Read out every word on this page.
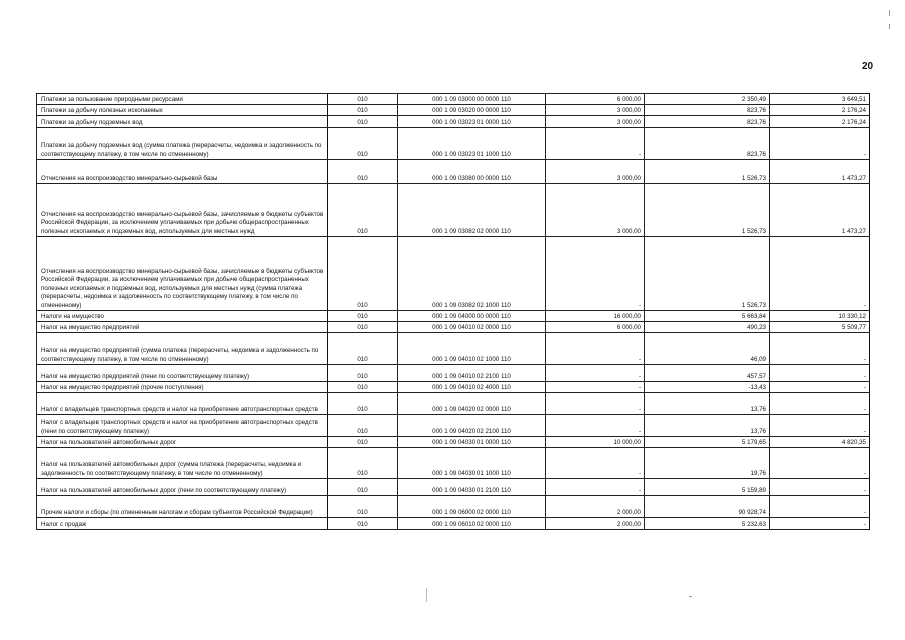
20
Платежи за пользование природными ресурсами	010	000 1 09 03000 00 0000 110	6 000,00	2 350,49	3 649,51
Платежи за добычу полезных ископаемых	010	000 1 09 03020 00 0000 110	3 000,00	823,76	2 176,24
Платежи за добычу подземных вод	010	000 1 09 03023 01 0000 110	3 000,00	823,76	2 176,24
Платежи за добычу подземных вод (сумма платежа (перерасчеты, недоимка и задолженность по соответствующему платежу, в том числе по отмененному)	010	000 1 09 03023 01 1000 110	-	823,76	-
Отчисления на воспроизводство минерально-сырьевой базы	010	000 1 09 03080 00 0000 110	3 000,00	1 526,73	1 473,27
Отчисления на воспроизводство минерально-сырьевой базы, зачисляемые в бюджеты субъектов Российской Федерации, за исключением уплачиваемых при добыче общераспространенных полезных ископаемых и подземных вод, используемых для местных нужд	010	000 1 09 03082 02 0000 110	3 000,00	1 526,73	1 473,27
Отчисления на воспроизводство минерально-сырьевой базы, зачисляемые в бюджеты субъектов Российской Федерации, за исключением уплачиваемых при добыче общераспространенных полезных ископаемых и подземных вод, используемых для местных нужд (сумма платежа (перерасчеты, недоимка и задолженность по соответствующему платежу, в том числе по отмененному)	010	000 1 09 03082 02 1000 110	-	1 526,73	-
Налоги на имущество	010	000 1 09 04000 00 0000 110	16 000,00	5 663,84	10 330,12
Налог на имущество предприятий	010	000 1 09 04010 02 0000 110	6 000,00	490,23	5 509,77
Налог на имущество предприятий (сумма платежа (перерасчеты, недоимка и задолженность по соответствующему платежу, в том числе по отмененному)	010	000 1 09 04010 02 1000 110	-	46,09	-
Налог на имущество предприятий (пени по соответствующему платежу)	010	000 1 09 04010 02 2100 110	-	457,57	-
Налог на имущество предприятий (прочие поступления)	010	000 1 09 04010 02 4000 110	-	-13,43	-
Налог с владельцев транспортных средств и налог на приобретение автотранспортных средств	010	000 1 09 04020 02 0000 110	-	13,76	-
Налог с владельцев транспортных средств и налог на приобретение автотранспортных средств (пени по соответствующему платежу)	010	000 1 09 04020 02 2100 110	-	13,76	-
Налог на пользователей автомобильных дорог	010	000 1 09 04030 01 0000 110	10 000,00	5 179,65	4 820,35
Налог на пользователей автомобильных дорог (сумма платежа (перерасчеты, недоимка и задолженность по соответствующему платежу, в том числе по отмененному)	010	000 1 09 04030 01 1000 110	-	19,76	-
Налог на пользователей автомобильных дорог (пени по соответствующему платежу)	010	000 1 09 04030 01 2100 110	-	5 159,89	-
Прочие налоги и сборы (по отмененным налогам и сборам субъектов Российской Федерации)	010	000 1 09 06000 02 0000 110	2 000,00	90 928,74	-
Налог с продаж	010	000 1 09 06010 02 0000 110	2 000,00	5 232,63	-
